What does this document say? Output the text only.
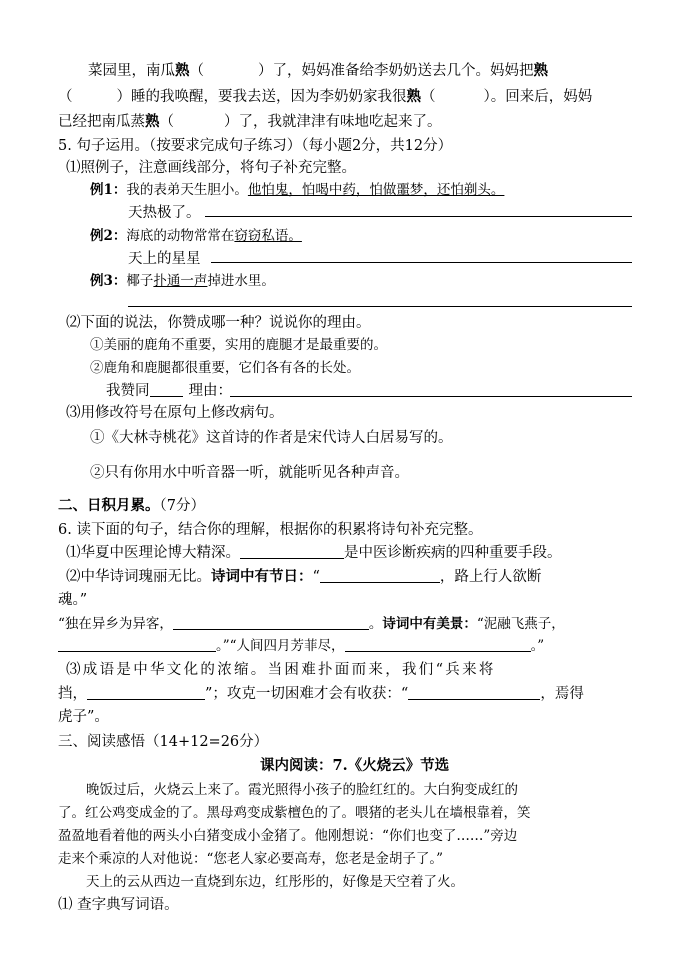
菜园里，南瓜熟（	）了，妈妈准备给李奶奶送去几个。妈妈把熟
（	）睡的我唤醒，要我去送，因为李奶奶家我很熟（	）。回来后，妈妈
已经把南瓜蒸熟（	）了，我就津津有味地吃起来了。
5. 句子运用。（按要求完成句子练习）（每小题2分，共12分）
⑴照例子，注意画线部分，将句子补充完整。
例1：我的表弟天生胆小。他怕鬼，怕喝中药，怕做噩梦，还怕剃头。
天热极了。
例2：海底的动物常常在窃窃私语。
天上的星星
例3：椰子扑通一声掉进水里。
⑵下面的说法，你赞成哪一种？说说你的理由。
①美丽的鹿角不重要，实用的鹿腿才是最重要的。
②鹿角和鹿腿都很重要，它们各有各的长处。
我赞同	理由：
⑶用修改符号在原句上修改病句。
①《大林寺桃花》这首诗的作者是宋代诗人白居易写的。
②只有你用水中听音器一听，就能听见各种声音。
二、日积月累。（7分）
6. 读下面的句子，结合你的理解，根据你的积累将诗句补充完整。
⑴华夏中医理论博大精深。	是中医诊断疾病的四种重要手段。
⑵中华诗词瑰丽无比。诗词中有节日：“	，路上行人欲断
魂。”
“独在异乡为异客，	。诗词中有美景：“泥融飞燕子，
。”“人间四月芳菲尽，	。”
⑶成语是中华文化的浓缩。当困难扑面而来，我们“兵来将
挡，	”；攻克一切困难才会有收获：“	，焉得
虎子”。
三、阅读感悟（14+12=26分）
课内阅读：7.《火烧云》节选
晚饭过后，火烧云上来了。霞光照得小孩子的脸红红的。大白狗变成红的
了。红公鸡变成金的了。黑母鸡变成紫檀色的了。喂猪的老头儿在墙根靠着，笑
盈盈地看着他的两头小白猪变成小金猪了。他刚想说：“你们也变了……”旁边
走来个乘凉的人对他说：“您老人家必要高寿，您老是金胡子了。”
天上的云从西边一直烧到东边，红彤彤的，好像是天空着了火。
⑴ 查字典写词语。
